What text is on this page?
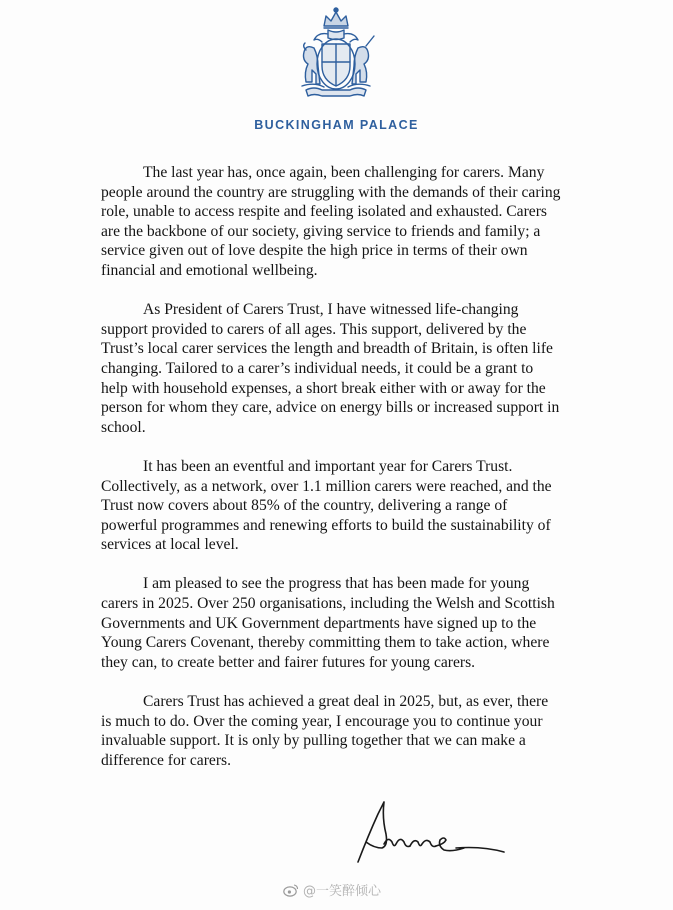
BUCKINGHAM PALACE

The last year has, once again, been challenging for carers. Many people around the country are struggling with the demands of their caring role, unable to access respite and feeling isolated and exhausted. Carers are the backbone of our society, giving service to friends and family; a service given out of love despite the high price in terms of their own financial and emotional wellbeing.

As President of Carers Trust, I have witnessed life-changing support provided to carers of all ages. This support, delivered by the Trust’s local carer services the length and breadth of Britain, is often life changing. Tailored to a carer’s individual needs, it could be a grant to help with household expenses, a short break either with or away for the person for whom they care, advice on energy bills or increased support in school.

It has been an eventful and important year for Carers Trust. Collectively, as a network, over 1.1 million carers were reached, and the Trust now covers about 85% of the country, delivering a range of powerful programmes and renewing efforts to build the sustainability of services at local level.

I am pleased to see the progress that has been made for young carers in 2025. Over 250 organisations, including the Welsh and Scottish Governments and UK Government departments have signed up to the Young Carers Covenant, thereby committing them to take action, where they can, to create better and fairer futures for young carers.

Carers Trust has achieved a great deal in 2025, but, as ever, there is much to do. Over the coming year, I encourage you to continue your invaluable support. It is only by pulling together that we can make a difference for carers.

@一笑醉倾心
